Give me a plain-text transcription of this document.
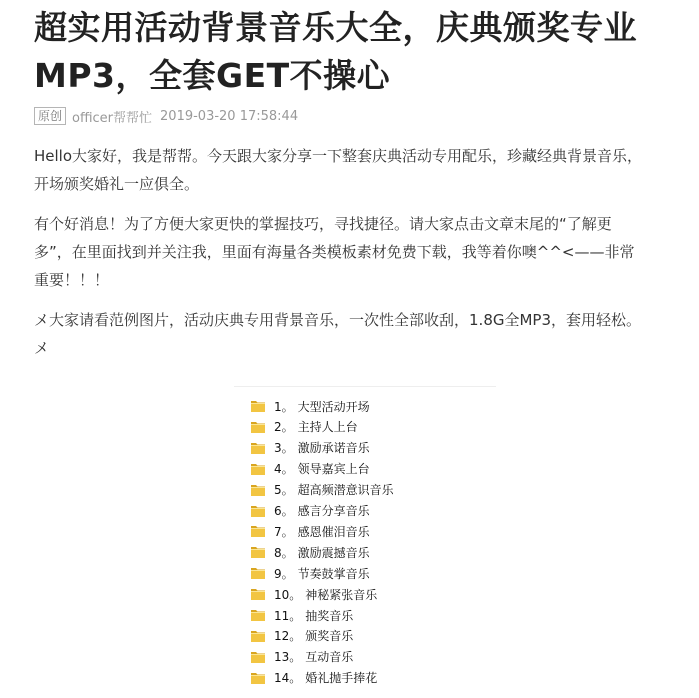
超实用活动背景音乐大全，庆典颁奖专业
MP3，全套GET不操心
原创 officer帮帮忙 2019-03-20 17:58:44

Hello大家好，我是帮帮。今天跟大家分享一下整套庆典活动专用配乐，珍藏经典背景音乐，
开场颁奖婚礼一应俱全。

有个好消息！为了方便大家更快的掌握技巧，寻找捷径。请大家点击文章末尾的“了解更
多”，在里面找到并关注我，里面有海量各类模板素材免费下载，我等着你噢^^<——非常
重要！！！

メ大家请看范例图片，活动庆典专用背景音乐，一次性全部收刮，1.8G全MP3，套用轻松。
メ

1。 大型活动开场
2。 主持人上台
3。 激励承诺音乐
4。 领导嘉宾上台
5。 超高频潜意识音乐
6。 感言分享音乐
7。 感恩催泪音乐
8。 激励震撼音乐
9。 节奏鼓掌音乐
10。 神秘紧张音乐
11。 抽奖音乐
12。 颁奖音乐
13。 互动音乐
14。 婚礼抛手捧花
